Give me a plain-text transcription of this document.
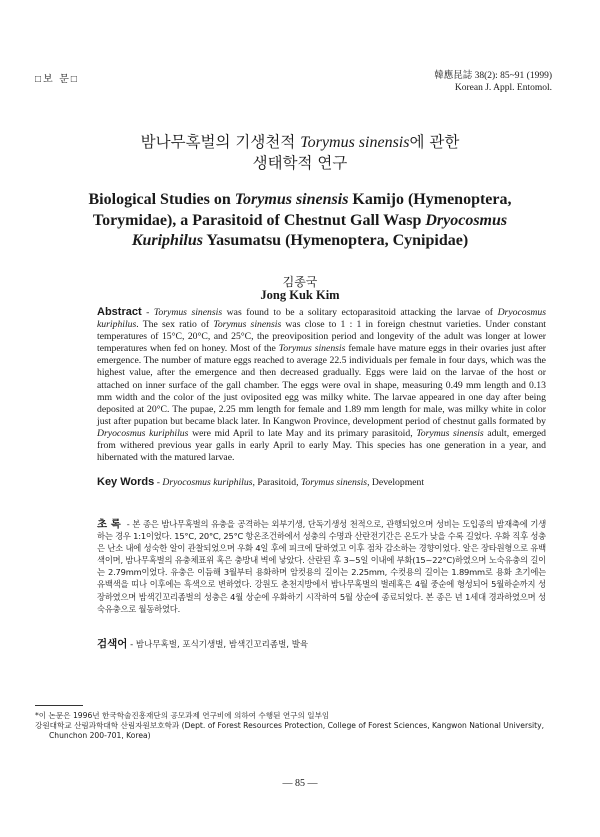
□보 문□	韓應昆誌 38(2): 85~91 (1999)
Korean J. Appl. Entomol.
밤나무혹벌의 기생천적 Torymus sinensis에 관한
생태학적 연구
Biological Studies on Torymus sinensis Kamijo (Hymenoptera,
Torymidae), a Parasitoid of Chestnut Gall Wasp Dryocosmus
Kuriphilus Yasumatsu (Hymenoptera, Cynipidae)
김종국
Jong Kuk Kim
Abstract - Torymus sinensis was found to be a solitary ectoparasitoid attacking the larvae of Dryocosmus kuriphilus. The sex ratio of Torymus sinensis was close to 1 : 1 in foreign chestnut varieties. Under constant temperatures of 15°C, 20°C, and 25°C, the preoviposition period and longevity of the adult was longer at lower temperatures when fed on honey. Most of the Torymus sinensis female have mature eggs in their ovaries just after emergence. The number of mature eggs reached to average 22.5 individuals per female in four days, which was the highest value, after the emergence and then decreased gradually. Eggs were laid on the larvae of the host or attached on inner surface of the gall chamber. The eggs were oval in shape, measuring 0.49 mm length and 0.13 mm width and the color of the just oviposited egg was milky white. The larvae appeared in one day after being deposited at 20°C. The pupae, 2.25 mm length for female and 1.89 mm length for male, was milky white in color just after pupation but became black later. In Kangwon Province, development period of chestnut galls formated by Dryocosmus kuriphilus were mid April to late May and its primary parasitoid, Torymus sinensis adult, emerged from withered previous year galls in early April to early May. This species has one generation in a year, and hibernated with the matured larvae.
Key Words - Dryocosmus kuriphilus, Parasitoid, Torymus sinensis, Development
초 록 - 본 종은 밤나무혹벌의 유충을 공격하는 외부기생, 단독기생성 천적으로, 관행되었으며 성비는 도입종의 밤재축에 기생하는 경우 1:1이었다. 15°C, 20°C, 25°C 항온조건하에서 성충의 수명과 산란전기간은 온도가 낮을 수록 길었다. 우화 직후 성충은 난소 내에 성숙한 알이 관찰되었으며 우화 4일 후에 피크에 달하였고 이후 점차 감소하는 경향이었다. 알은 장타원형으로 유백색이며, 밤나무혹벌의 유충체표위 혹은 충방내 벽에 낳았다. 산란된 후 3~5일 이내에 부화(15~22°C)하였으며 노숙유충의 길이는 2.79mm이었다. 유충은 이듬해 3월부터 용화하며 암컷용의 길이는 2.25mm, 수컷용의 길이는 1.89mm로 용화 초기에는 유백색을 띠나 이후에는 흑색으로 변하였다. 강원도 춘천지방에서 밤나무혹벌의 벌레혹은 4월 중순에 형성되어 5월하순까지 성장하였으며 밤색긴꼬리좀벌의 성충은 4월 상순에 우화하기 시작하여 5월 상순에 종료되었다. 본 종은 년 1세대 경과하였으며 성숙유충으로 월동하였다.
검색어 - 밤나무혹벌, 포식기생벌, 밤색긴꼬리좀벌, 발육
*이 논문은 1996년 한국학술진흥재단의 공모과제 연구비에 의하여 수행된 연구의 일부임
강원대학교 산림과학대학 산림자원보호학과 (Dept. of Forest Resources Protection, College of Forest Sciences, Kangwon National University,
Chunchon 200-701, Korea)
— 85 —
